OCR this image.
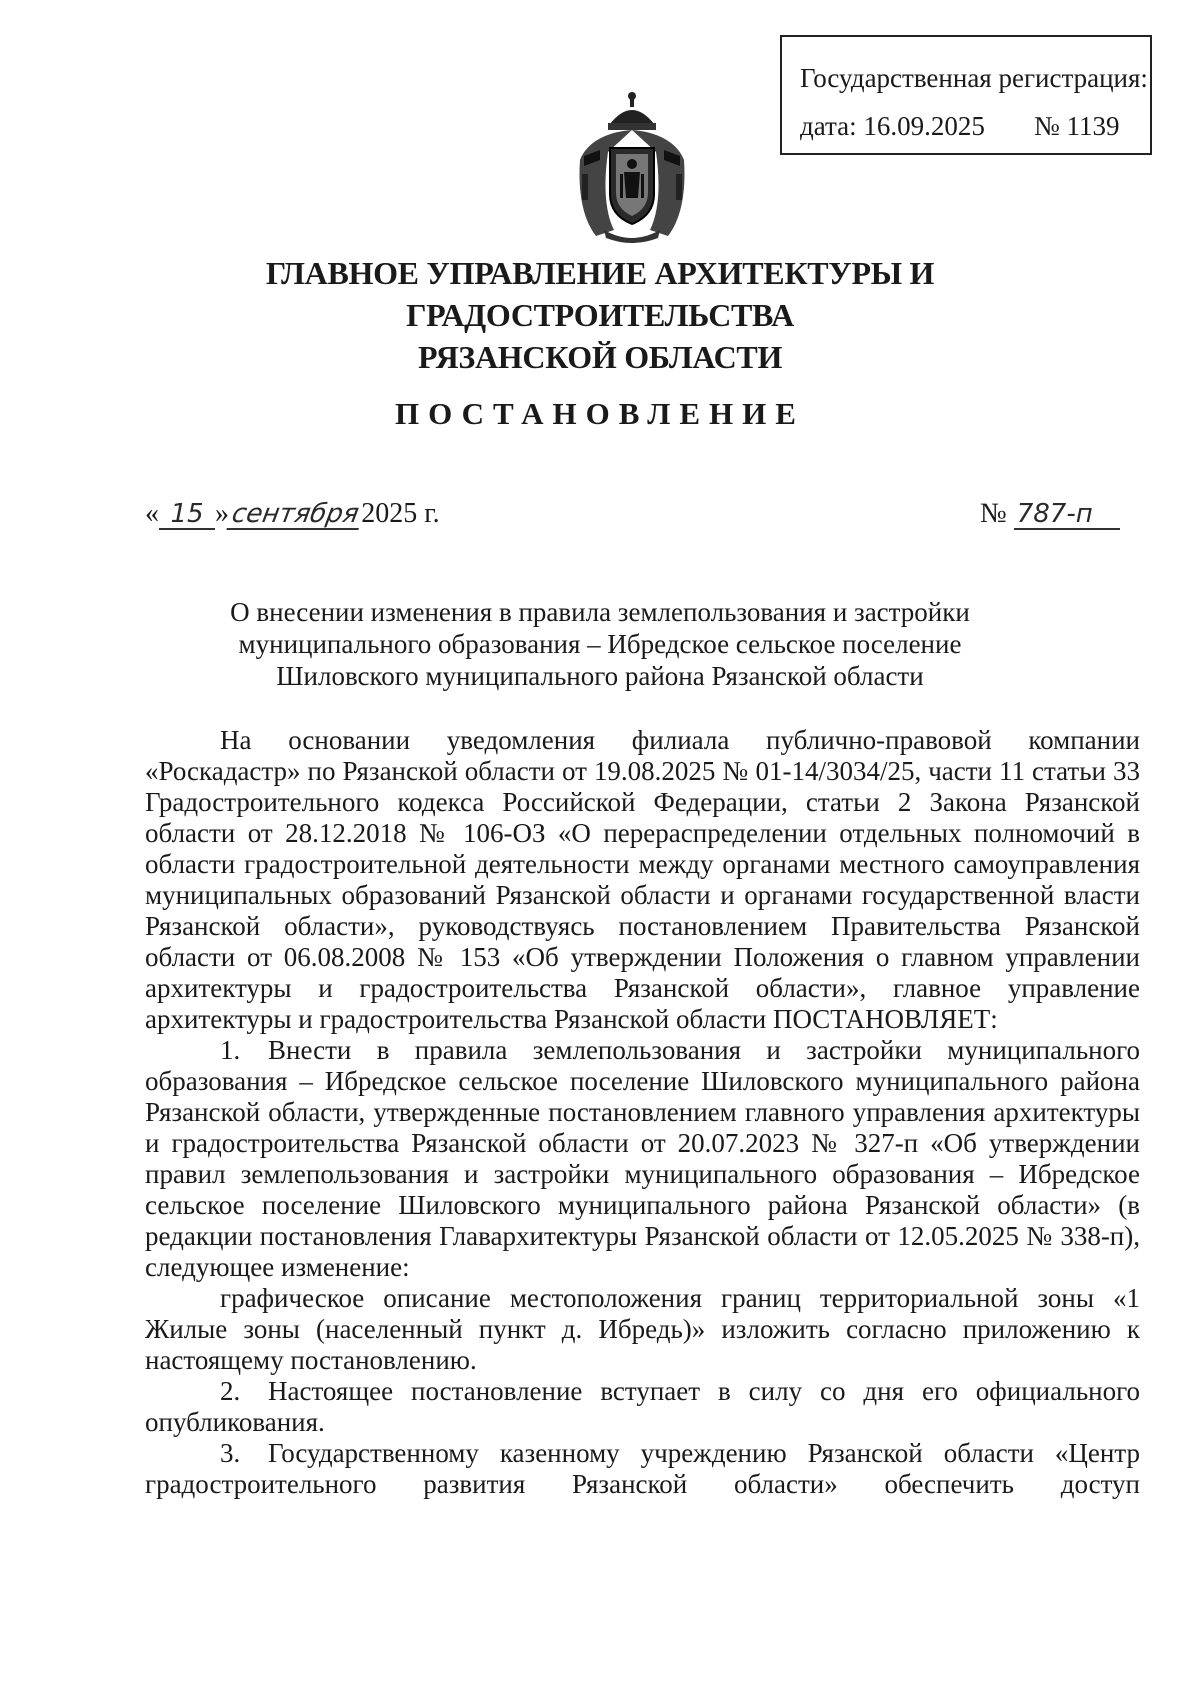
Государственная регистрация:
дата: 16.09.2025 № 1139
ГЛАВНОЕ УПРАВЛЕНИЕ АРХИТЕКТУРЫ И ГРАДОСТРОИТЕЛЬСТВА
РЯЗАНСКОЙ ОБЛАСТИ
ПОСТАНОВЛЕНИЕ
« 15 »сентября2025 г.	№ 787-п
О внесении изменения в правила землепользования и застройки
муниципального образования – Ибредское сельское поселение
Шиловского муниципального района Рязанской области

На основании уведомления филиала публично-правовой компании «Роскадастр» по Рязанской области от 19.08.2025 № 01-14/3034/25, части 11 статьи 33 Градостроительного кодекса Российской Федерации, статьи 2 Закона Рязанской области от 28.12.2018 № 106-ОЗ «О перераспределении отдельных полномочий в области градостроительной деятельности между органами местного самоуправления муниципальных образований Рязанской области и органами государственной власти Рязанской области», руководствуясь постановлением Правительства Рязанской области от 06.08.2008 № 153 «Об утверждении Положения о главном управлении архитектуры и градостроительства Рязанской области», главное управление архитектуры и градостроительства Рязанской области ПОСТАНОВЛЯЕТ:

1. Внести в правила землепользования и застройки муниципального образования – Ибредское сельское поселение Шиловского муниципального района Рязанской области, утвержденные постановлением главного управления архитектуры и градостроительства Рязанской области от 20.07.2023 № 327-п «Об утверждении правил землепользования и застройки муниципального образования – Ибредское сельское поселение Шиловского муниципального района Рязанской области» (в редакции постановления Главархитектуры Рязанской области от 12.05.2025 № 338-п), следующее изменение:

графическое описание местоположения границ территориальной зоны «1 Жилые зоны (населенный пункт д. Ибредь)» изложить согласно приложению к настоящему постановлению.

2. Настоящее постановление вступает в силу со дня его официального опубликования.

3. Государственному казенному учреждению Рязанской области «Центр градостроительного развития Рязанской области» обеспечить доступ
